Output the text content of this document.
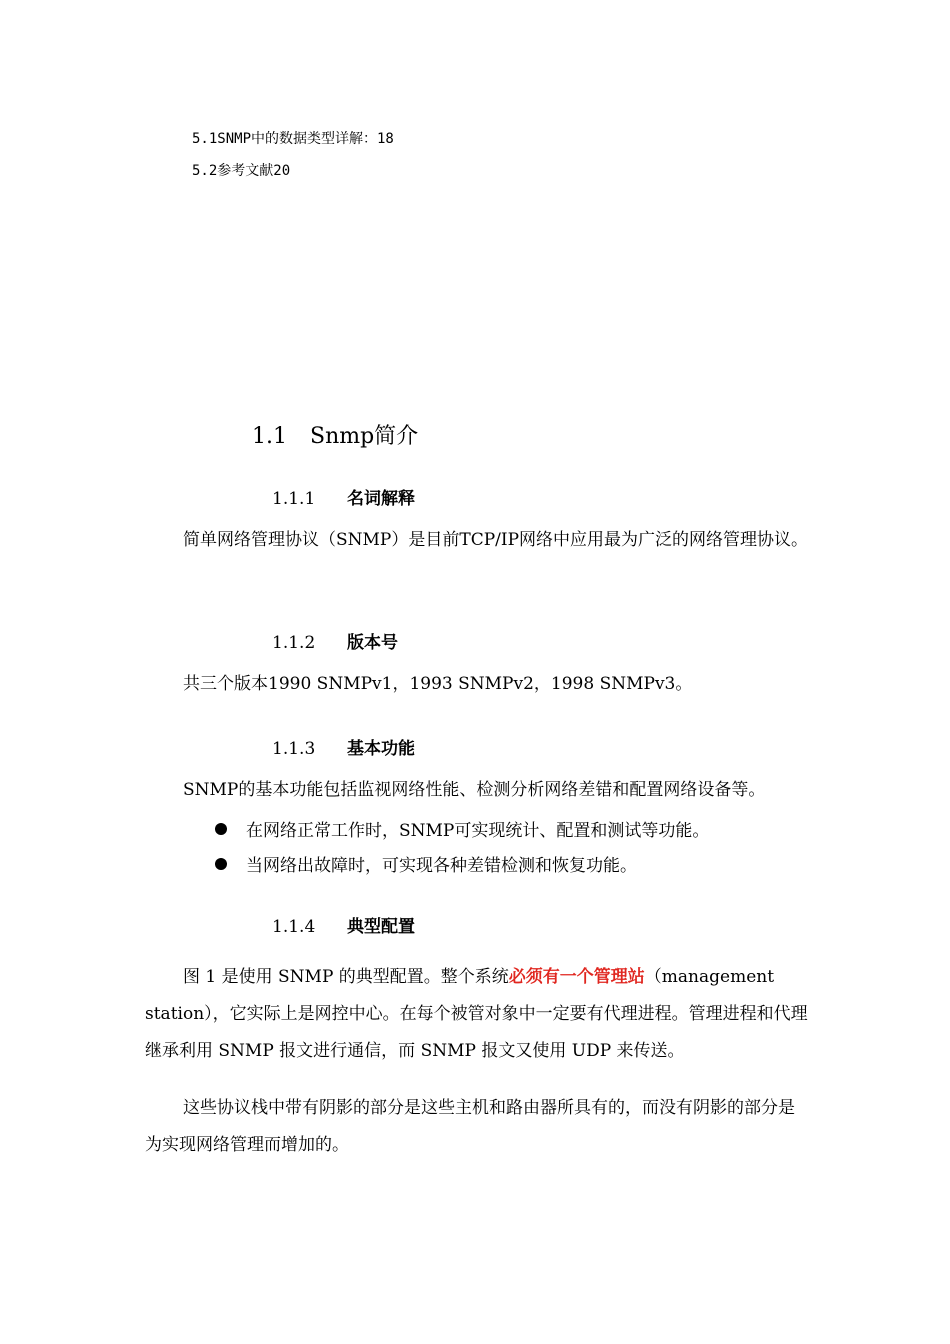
5.1SNMP中的数据类型详解：18
5.2参考文献20
1.1 Snmp简介
1.1.1 名词解释
简单网络管理协议（SNMP）是目前TCP/IP网络中应用最为广泛的网络管理协议。
1.1.2 版本号
共三个版本1990 SNMPv1，1993 SNMPv2，1998 SNMPv3。
1.1.3 基本功能
SNMP的基本功能包括监视网络性能、检测分析网络差错和配置网络设备等。
在网络正常工作时，SNMP可实现统计、配置和测试等功能。
当网络出故障时，可实现各种差错检测和恢复功能。
1.1.4 典型配置
图 1 是使用 SNMP 的典型配置。整个系统必须有一个管理站（management station），它实际上是网控中心。在每个被管对象中一定要有代理进程。管理进程和代理继承利用 SNMP 报文进行通信，而 SNMP 报文又使用 UDP 来传送。
这些协议栈中带有阴影的部分是这些主机和路由器所具有的，而没有阴影的部分是为实现网络管理而增加的。
